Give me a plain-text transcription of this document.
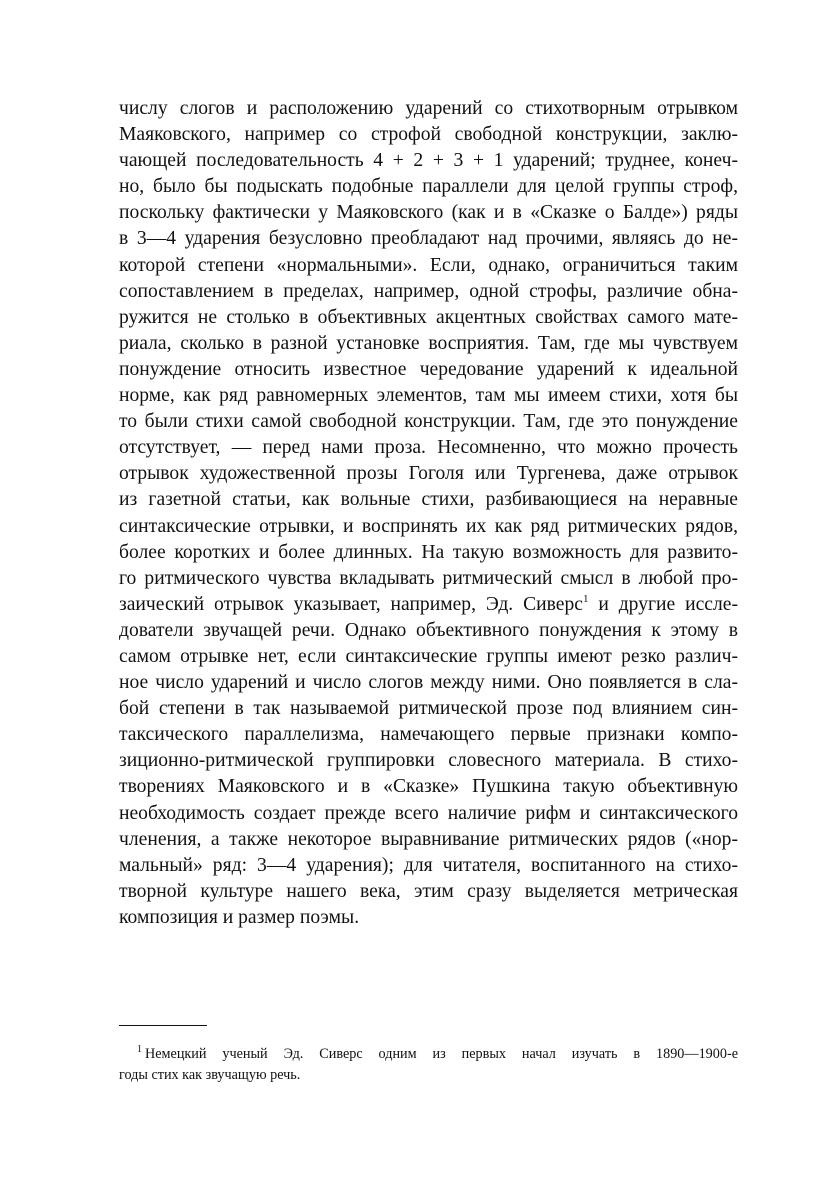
числу слогов и расположению ударений со стихотворным отрывком
Маяковского, например со строфой свободной конструкции, заклю-
чающей последовательность 4 + 2 + 3 + 1 ударений; труднее, конеч-
но, было бы подыскать подобные параллели для целой группы строф,
поскольку фактически у Маяковского (как и в «Сказке о Балде») ряды
в 3—4 ударения безусловно преобладают над прочими, являясь до не-
которой степени «нормальными». Если, однако, ограничиться таким
сопоставлением в пределах, например, одной строфы, различие обна-
ружится не столько в объективных акцентных свойствах самого мате-
риала, сколько в разной установке восприятия. Там, где мы чувствуем
понуждение относить известное чередование ударений к идеальной
норме, как ряд равномерных элементов, там мы имеем стихи, хотя бы
то были стихи самой свободной конструкции. Там, где это понуждение
отсутствует, — перед нами проза. Несомненно, что можно прочесть
отрывок художественной прозы Гоголя или Тургенева, даже отрывок
из газетной статьи, как вольные стихи, разбивающиеся на неравные
синтаксические отрывки, и воспринять их как ряд ритмических рядов,
более коротких и более длинных. На такую возможность для развито-
го ритмического чувства вкладывать ритмический смысл в любой про-
заический отрывок указывает, например, Эд. Сиверс$^1$ и другие иссле-
дователи звучащей речи. Однако объективного понуждения к этому в
самом отрывке нет, если синтаксические группы имеют резко различ-
ное число ударений и число слогов между ними. Оно появляется в сла-
бой степени в так называемой ритмической прозе под влиянием син-
таксического параллелизма, намечающего первые признаки компо-
зиционно-ритмической группировки словесного материала. В стихо-
творениях Маяковского и в «Сказке» Пушкина такую объективную
необходимость создает прежде всего наличие рифм и синтаксического
членения, а также некоторое выравнивание ритмических рядов («нор-
мальный» ряд: 3—4 ударения); для читателя, воспитанного на стихо-
творной культуре нашего века, этим сразу выделяется метрическая
композиция и размер поэмы.
$^1$ Немецкий ученый Эд. Сиверс одним из первых начал изучать в 1890—1900-е
годы стих как звучащую речь.
